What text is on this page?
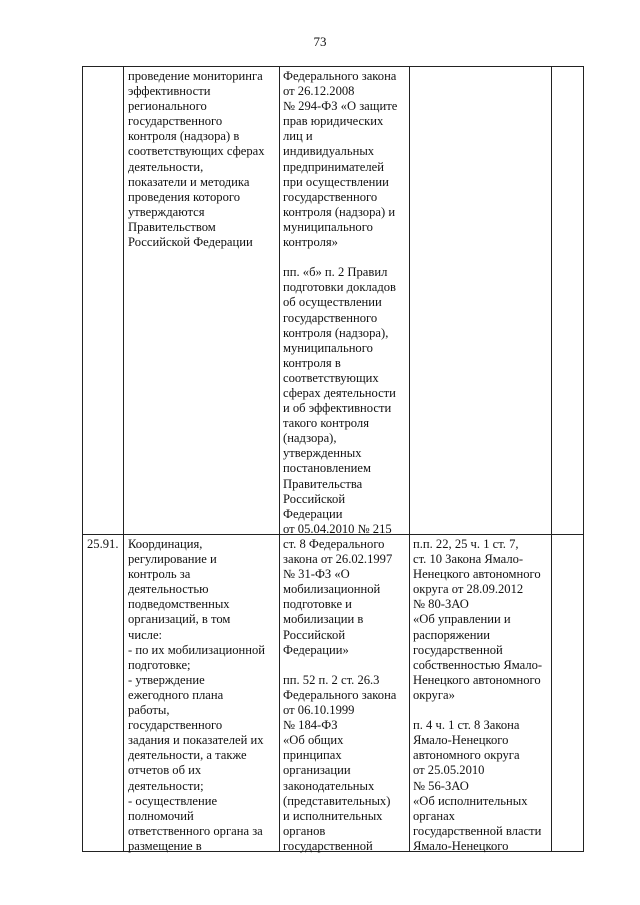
73
проведение мониторинга
эффективности
регионального
государственного
контроля (надзора) в
соответствующих сферах
деятельности,
показатели и методика
проведения которого
утверждаются
Правительством
Российской Федерации
Федерального закона
от 26.12.2008
№ 294-ФЗ «О защите
прав юридических
лиц и
индивидуальных
предпринимателей
при осуществлении
государственного
контроля (надзора) и
муниципального
контроля»

пп. «б» п. 2 Правил
подготовки докладов
об осуществлении
государственного
контроля (надзора),
муниципального
контроля в
соответствующих
сферах деятельности
и об эффективности
такого контроля
(надзора),
утвержденных
постановлением
Правительства
Российской
Федерации
от 05.04.2010 № 215
25.91. Координация,
регулирование и
контроль за
деятельностью
подведомственных
организаций, в том
числе:
- по их мобилизационной
подготовке;
- утверждение
ежегодного плана
работы,
государственного
задания и показателей их
деятельности, а также
отчетов об их
деятельности;
- осуществление
полномочий
ответственного органа за
размещение в
ст. 8 Федерального
закона от 26.02.1997
№ 31-ФЗ «О
мобилизационной
подготовке и
мобилизации в
Российской
Федерации»

пп. 52 п. 2 ст. 26.3
Федерального закона
от 06.10.1999
№ 184-ФЗ
«Об общих
принципах
организации
законодательных
(представительных)
и исполнительных
органов
государственной
п.п. 22, 25 ч. 1 ст. 7,
ст. 10 Закона Ямало-
Ненецкого автономного
округа от 28.09.2012
№ 80-ЗАО
«Об управлении и
распоряжении
государственной
собственностью Ямало-
Ненецкого автономного
округа»

п. 4 ч. 1 ст. 8 Закона
Ямало-Ненецкого
автономного округа
от 25.05.2010
№ 56-ЗАО
«Об исполнительных
органах
государственной власти
Ямало-Ненецкого
